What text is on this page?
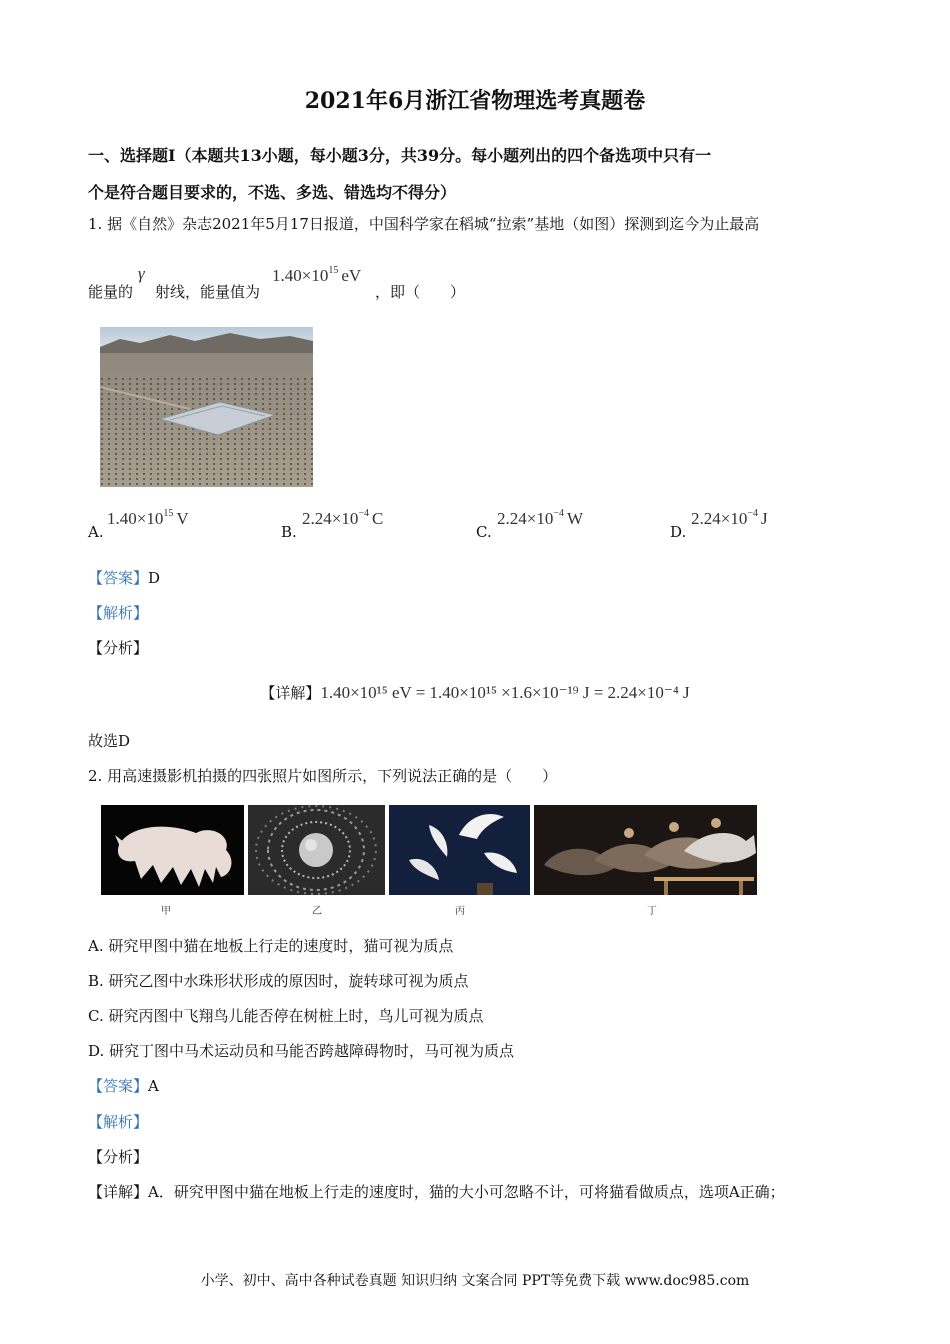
2021年6月浙江省物理选考真题卷
一、选择题Ⅰ（本题共13小题，每小题3分，共39分。每小题列出的四个备选项中只有一
个是符合题目要求的，不选、多选、错选均不得分）
1. 据《自然》杂志2021年5月17日报道，中国科学家在稻城“拉索”基地（如图）探测到迄今为止最高
能量的
γ
射线，能量值为
$1.40\times 10^{15}$ eV
，即（　　）
A.
$1.40\times 10^{15}$ V
B.
$2.24\times 10^{-4}$ C
C.
$2.24\times 10^{-4}$ W
D.
$2.24\times 10^{-4}$ J
【答案】D
【解析】
【分析】
【详解】1.40×10¹⁵ eV = 1.40×10¹⁵ ×1.6×10⁻¹⁹ J = 2.24×10⁻⁴ J
故选D
2. 用高速摄影机拍摄的四张照片如图所示，下列说法正确的是（　　）
甲	乙	丙	丁
A. 研究甲图中猫在地板上行走的速度时，猫可视为质点
B. 研究乙图中水珠形状形成的原因时，旋转球可视为质点
C. 研究丙图中飞翔鸟儿能否停在树桩上时，鸟儿可视为质点
D. 研究丁图中马术运动员和马能否跨越障碍物时，马可视为质点
【答案】A
【解析】
【分析】
【详解】A．研究甲图中猫在地板上行走的速度时，猫的大小可忽略不计，可将猫看做质点，选项A正确；
小学、初中、高中各种试卷真题 知识归纳 文案合同 PPT等免费下载 www.doc985.com
